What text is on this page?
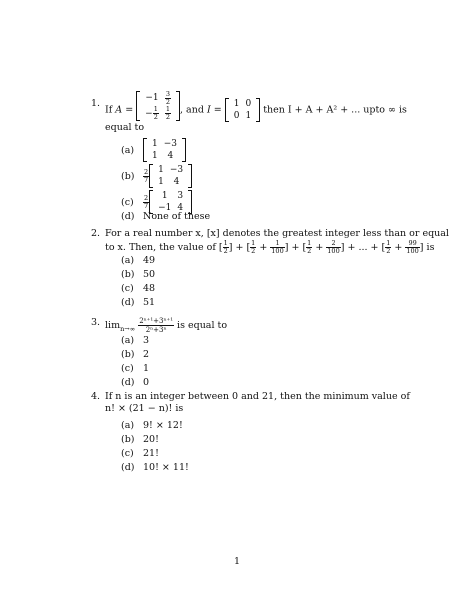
1.
If A =
−1	$\frac{3}{2}$

− $\frac{1}{2}$	$\frac{1}{2}$ , and I =
1	0
0	1
then I + A + A² + ... upto ∞ is
equal to
(a)
1	−3
1	4
$(b) \frac{2}{7} 1$	−3
1	4
$(c) \frac{2}{7} 1$	3
−1	4
(d) None of these
2. For a real number x, [x] denotes the greatest integer less than or equal
to x. Then, the value of [ $\frac{1}{2}$ ] + [ $\frac{1}{2} + \frac{1}{100}$ ] + [ $\frac{1}{2} + \frac{2}{100}$ ] + ... + [ $\frac{1}{2} + \frac{99}{100}$ ] is
(a) 49
(b) 50
(c) 48
(d) 51
3. $\lim_{n\to\infty} \frac{\text{2ⁿ⁺¹+3ⁿ⁺¹}}{\text{2ⁿ+3ⁿ}}$ is equal to
(a) 3
(b) 2
(c) 1
(d) 0
4. If n is an integer between 0 and 21, then the minimum value of
n! × (21 − n)! is
(a) 9! × 12!
(b) 20!
(c) 21!
(d) 10! × 11!
1
